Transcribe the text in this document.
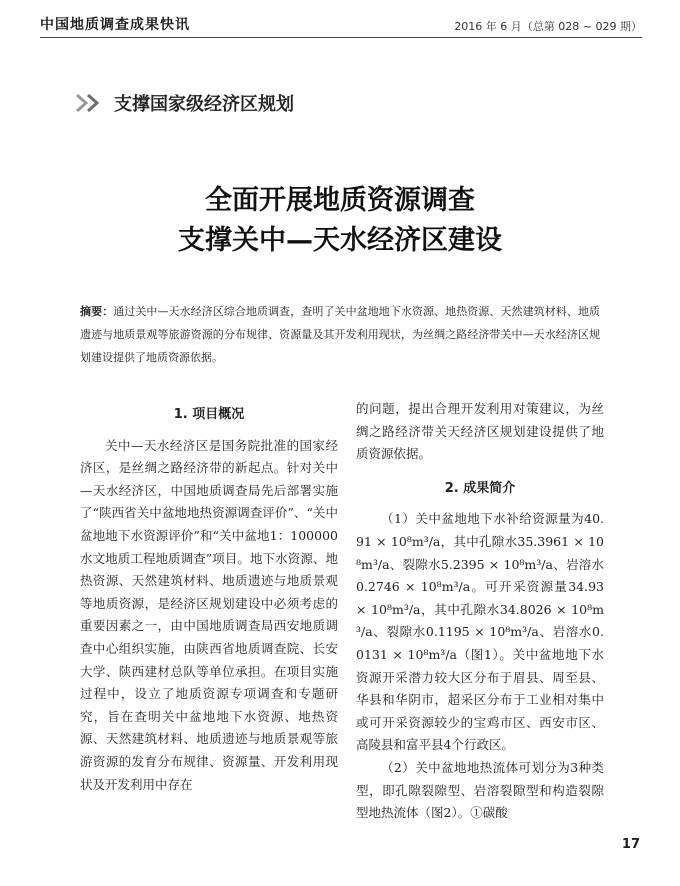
中国地质调查成果快讯	2016 年 6 月（总第 028 ~ 029 期）
支撑国家级经济区规划
全面开展地质资源调查
支撑关中—天水经济区建设
摘要：通过关中—天水经济区综合地质调查，查明了关中盆地地下水资源、地热资源、天然建筑材料、地质遗迹与地质景观等旅游资源的分布规律、资源量及其开发利用现状，为丝绸之路经济带关中—天水经济区规划建设提供了地质资源依据。
1. 项目概况

关中—天水经济区是国务院批准的国家经济区，是丝绸之路经济带的新起点。针对关中—天水经济区，中国地质调查局先后部署实施了“陕西省关中盆地地热资源调查评价”、“关中盆地地下水资源评价”和“关中盆地1：100000水文地质工程地质调查”项目。地下水资源、地热资源、天然建筑材料、地质遗迹与地质景观等地质资源，是经济区规划建设中必须考虑的重要因素之一，由中国地质调查局西安地质调查中心组织实施，由陕西省地质调查院、长安大学、陕西建材总队等单位承担。在项目实施过程中，设立了地质资源专项调查和专题研究，旨在查明关中盆地地下水资源、地热资源、天然建筑材料、地质遗迹与地质景观等旅游资源的发育分布规律、资源量、开发利用现状及开发利用中存在

的问题，提出合理开发利用对策建议，为丝绸之路经济带关天经济区规划建设提供了地质资源依据。

2. 成果简介

（1）关中盆地地下水补给资源量为40.91 × 10⁸m³/a，其中孔隙水35.3961 × 10⁸m³/a、裂隙水5.2395 × 10⁸m³/a、岩溶水0.2746 × 10⁸m³/a。可开采资源量34.93 × 10⁸m³/a，其中孔隙水34.8026 × 10⁸m³/a、裂隙水0.1195 × 10⁸m³/a、岩溶水0.0131 × 10⁸m³/a（图1）。关中盆地地下水资源开采潜力较大区分布于眉县、周至县、华县和华阴市，超采区分布于工业相对集中或可开采资源较少的宝鸡市区、西安市区、高陵县和富平县4个行政区。

（2）关中盆地地热流体可划分为3种类型，即孔隙裂隙型、岩溶裂隙型和构造裂隙型地热流体（图2）。①碳酸

17
